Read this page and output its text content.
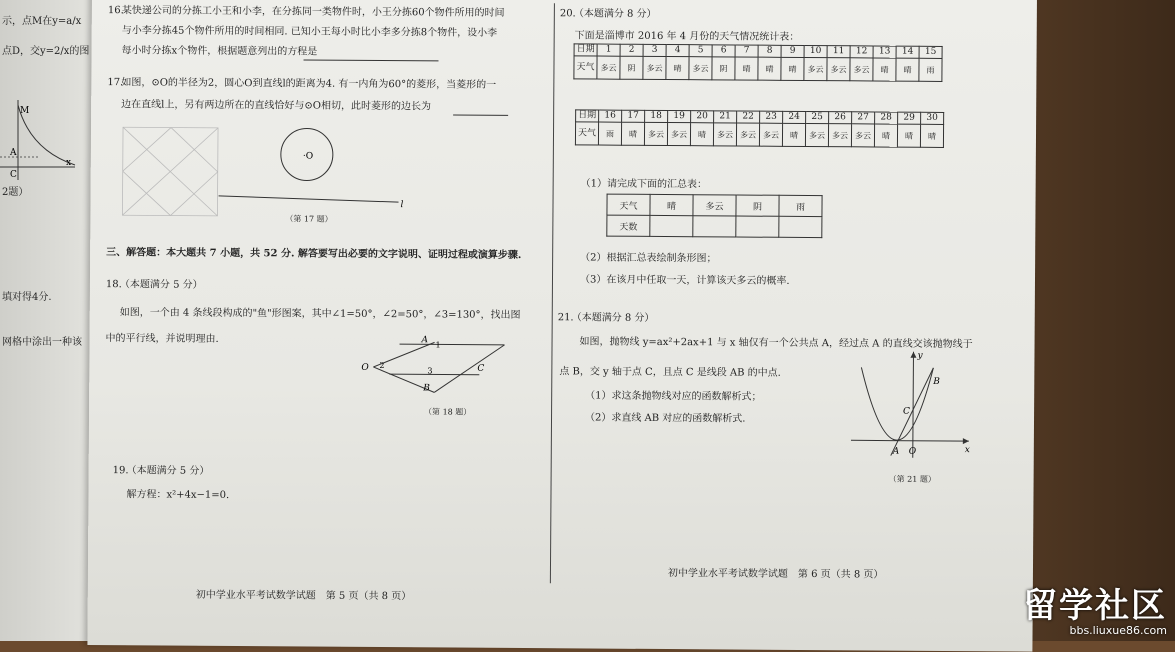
示，点M在y=a/x
点D，交y=2/x的图
M
A
C
x
2题）
填对得4分.
网格中涂出一种该
16.
某快递公司的分拣工小王和小李，在分拣同一类物件时，小王分拣60个物件所用的时间
与小李分拣45个物件所用的时间相同. 已知小王每小时比小李多分拣8个物件，设小李
每小时分拣x个物件，根据题意列出的方程是
17.
如图，⊙O的半径为2，圆心O到直线l的距离为4. 有一内角为60°的菱形，当菱形的一
边在直线l上，另有两边所在的直线恰好与⊙O相切，此时菱形的边长为
·O
l
（第 17 题）
三、解答题：本大题共 7 小题，共 52 分. 解答要写出必要的文字说明、证明过程或演算步骤.
18.
（本题满分 5 分）
如图，一个由 4 条线段构成的"鱼"形图案，其中∠1=50°，∠2=50°，∠3=130°，找出图
中的平行线，并说明理由.	A 1
O 2
3
B
C
（第 18 题）
19.
（本题满分 5 分）
解方程：x²+4x−1=0.
初中学业水平考试数学试题　第 5 页（共 8 页）
20.
（本题满分 8 分）
下面是淄博市 2016 年 4 月份的天气情况统计表：
日期	1	2	3	4	5	6	7	8	9	10	11	12	13	14	15
天气	多云	阴	多云	晴	多云	阴	晴	晴	晴	多云	多云	多云	晴	晴	雨
日期	16	17	18	19	20	21	22	23	24	25	26	27	28	29	30
天气	雨	晴	多云	多云	晴	多云	多云	多云	晴	多云	多云	多云	晴	晴	晴
（1）请完成下面的汇总表：
天气	晴	多云	阴	雨
天数				
（2）根据汇总表绘制条形图；
（3）在该月中任取一天，计算该天多云的概率.
21.
（本题满分 8 分）
如图，抛物线 y=ax²+2ax+1 与 x 轴仅有一个公共点 A，经过点 A 的直线交该抛物线于
点 B，交 y 轴于点 C，且点 C 是线段 AB 的中点.
（1）求这条抛物线对应的函数解析式；
（2）求直线 AB 对应的函数解析式.
y
x
A O
B
C
（第 21 题）
初中学业水平考试数学试题　第 6 页（共 8 页）
留学社区
bbs.liuxue86.com
